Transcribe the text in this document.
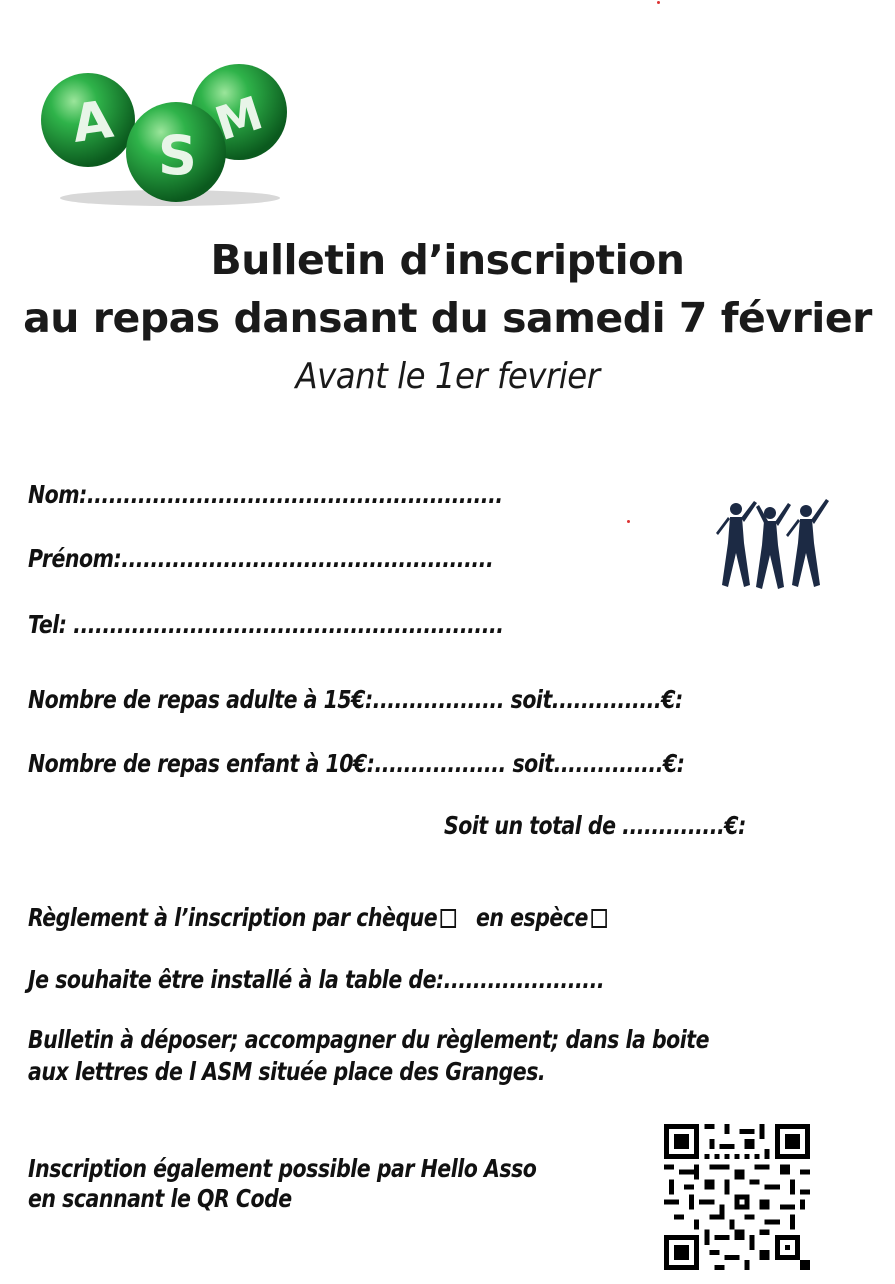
A
S
M
Bulletin d’inscription
au repas dansant du samedi 7 février
Avant le 1er fevrier
Nom:.........................................................
Prénom:...................................................
Tel: ...........................................................
Nombre de repas adulte à 15€:.................. soit...............€:
Nombre de repas enfant à 10€:.................. soit...............€:
Soit un total de ..............€:
Règlement à l’inscription par chèque en espèce
Je souhaite être installé à la table de:......................
Bulletin à déposer; accompagner du règlement; dans la boite
aux lettres de l ASM située place des Granges.
Inscription également possible par Hello Asso
en scannant le QR Code
